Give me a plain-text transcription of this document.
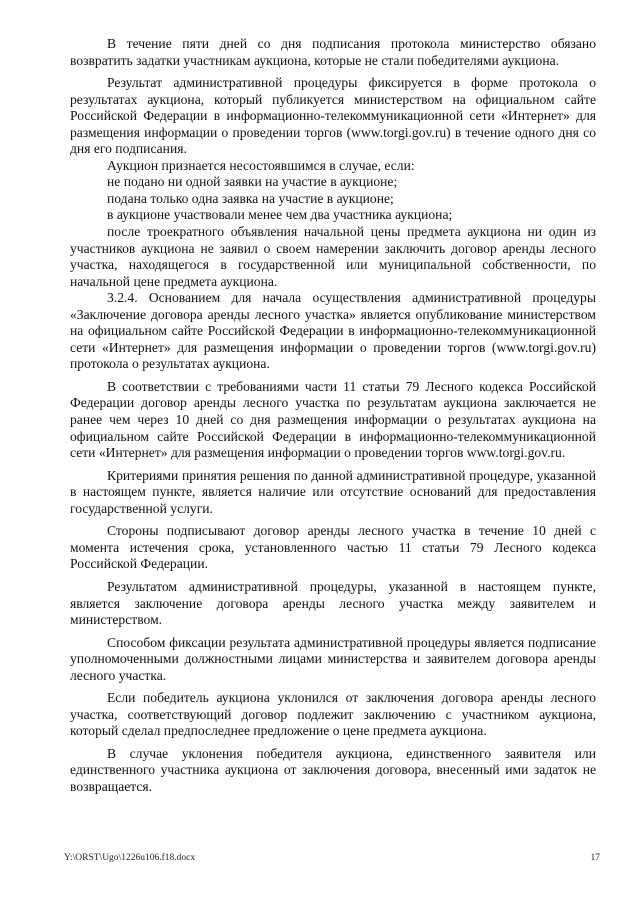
В течение пяти дней со дня подписания протокола министерство обязано возвратить задатки участникам аукциона, которые не стали победителями аукциона.

Результат административной процедуры фиксируется в форме протокола о результатах аукциона, который публикуется министерством на официальном сайте Российской Федерации в информационно-телекоммуникационной сети «Интернет» для размещения информации о проведении торгов (www.torgi.gov.ru) в течение одного дня со дня его подписания.

Аукцион признается несостоявшимся в случае, если:

не подано ни одной заявки на участие в аукционе;

подана только одна заявка на участие в аукционе;

в аукционе участвовали менее чем два участника аукциона;

после троекратного объявления начальной цены предмета аукциона ни один из участников аукциона не заявил о своем намерении заключить договор аренды лесного участка, находящегося в государственной или муниципальной собственности, по начальной цене предмета аукциона.

3.2.4. Основанием для начала осуществления административной процедуры «Заключение договора аренды лесного участка» является опубликование министерством на официальном сайте Российской Федерации в информационно-телекоммуникационной сети «Интернет» для размещения информации о проведении торгов (www.torgi.gov.ru) протокола о результатах аукциона.

В соответствии с требованиями части 11 статьи 79 Лесного кодекса Российской Федерации договор аренды лесного участка по результатам аукциона заключается не ранее чем через 10 дней со дня размещения информации о результатах аукциона на официальном сайте Российской Федерации в информационно-телекоммуникационной сети «Интернет» для размещения информации о проведении торгов www.torgi.gov.ru.

Критериями принятия решения по данной административной процедуре, указанной в настоящем пункте, является наличие или отсутствие оснований для предоставления государственной услуги.

Стороны подписывают договор аренды лесного участка в течение 10 дней с момента истечения срока, установленного частью 11 статьи 79 Лесного кодекса Российской Федерации.

Результатом административной процедуры, указанной в настоящем пункте, является заключение договора аренды лесного участка между заявителем и министерством.

Способом фиксации результата административной процедуры является подписание уполномоченными должностными лицами министерства и заявителем договора аренды лесного участка.

Если победитель аукциона уклонился от заключения договора аренды лесного участка, соответствующий договор подлежит заключению с участником аукциона, который сделал предпоследнее предложение о цене предмета аукциона.

В случае уклонения победителя аукциона, единственного заявителя или единственного участника аукциона от заключения договора, внесенный ими задаток не возвращается.

Y:\ORST\Ugo\1226u106.f18.docx	17
